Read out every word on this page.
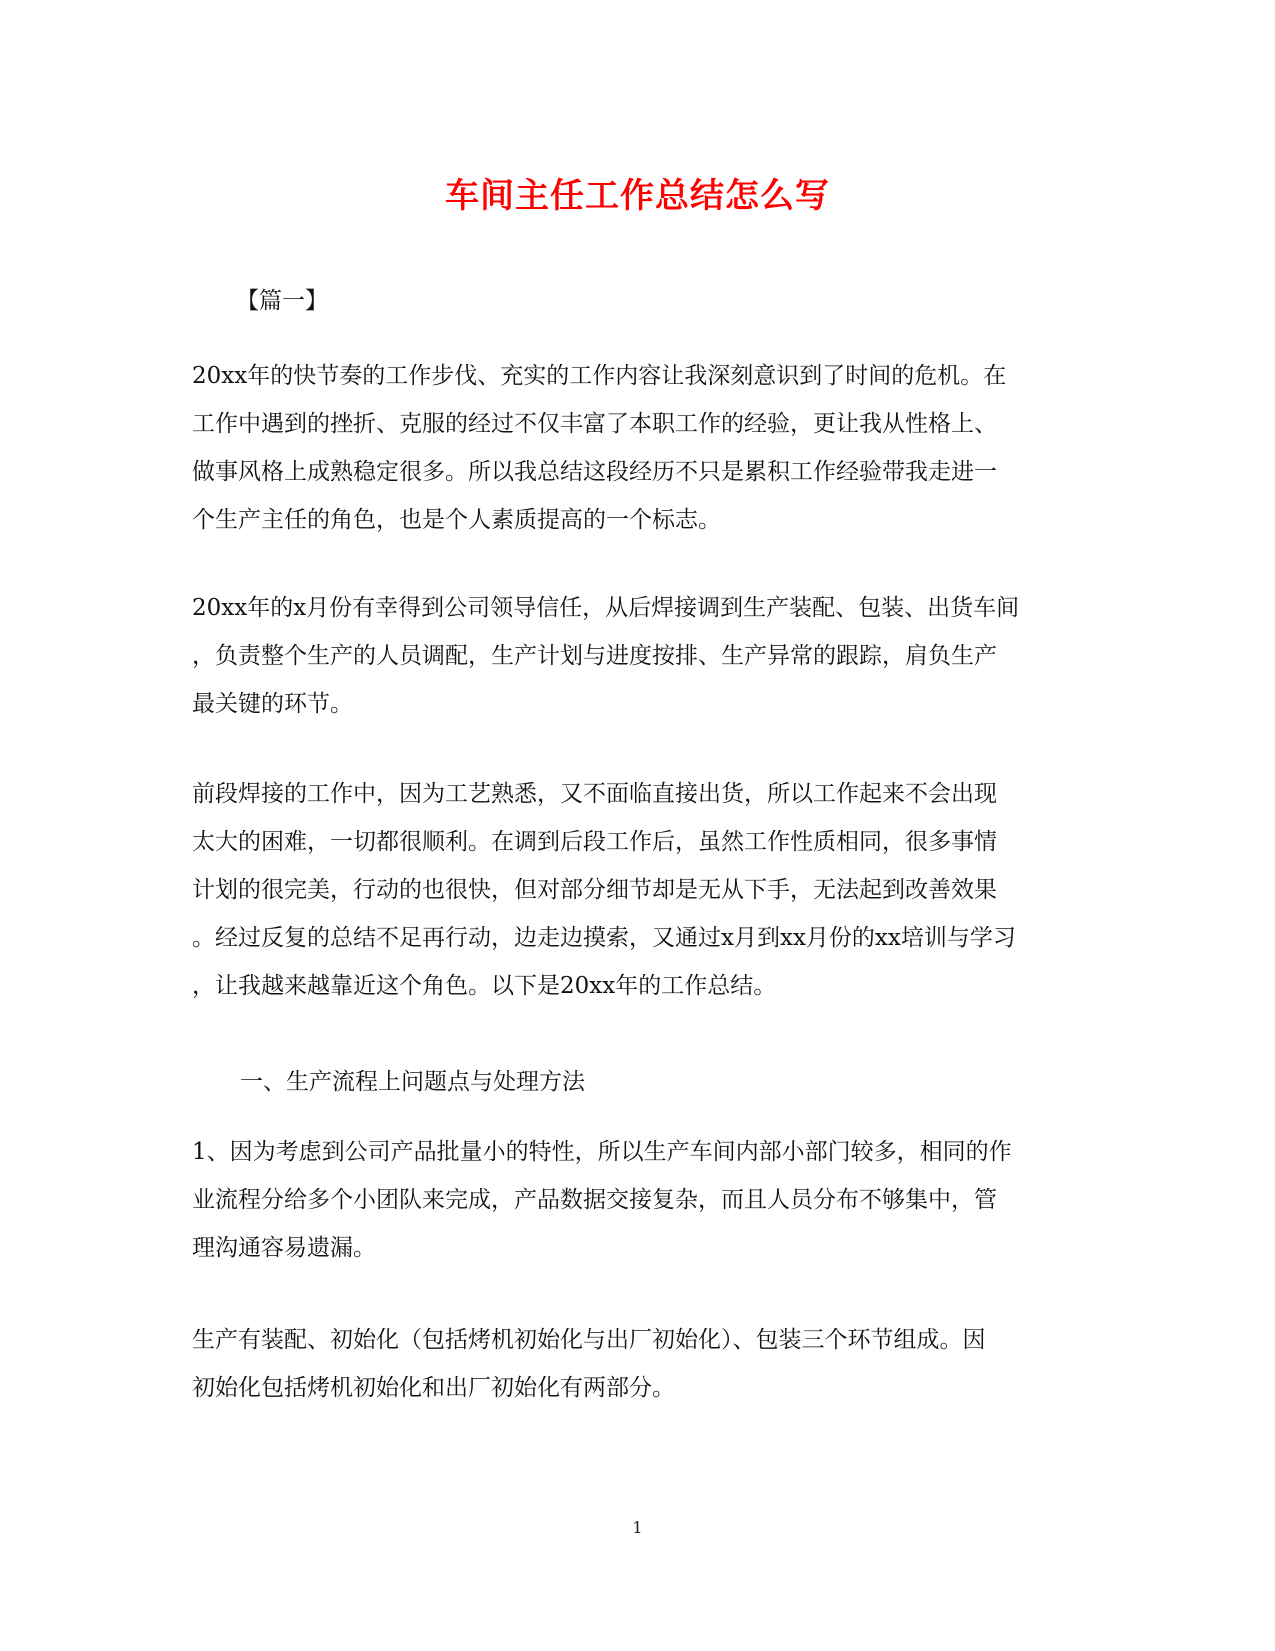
车间主任工作总结怎么写
【篇一】
20xx年的快节奏的工作步伐、充实的工作内容让我深刻意识到了时间的危机。在
工作中遇到的挫折、克服的经过不仅丰富了本职工作的经验，更让我从性格上、
做事风格上成熟稳定很多。所以我总结这段经历不只是累积工作经验带我走进一
个生产主任的角色，也是个人素质提高的一个标志。
20xx年的x月份有幸得到公司领导信任，从后焊接调到生产装配、包装、出货车间
，负责整个生产的人员调配，生产计划与进度按排、生产异常的跟踪，肩负生产
最关键的环节。
前段焊接的工作中，因为工艺熟悉，又不面临直接出货，所以工作起来不会出现
太大的困难，一切都很顺利。在调到后段工作后，虽然工作性质相同，很多事情
计划的很完美，行动的也很快，但对部分细节却是无从下手，无法起到改善效果
。经过反复的总结不足再行动，边走边摸索，又通过x月到xx月份的xx培训与学习
，让我越来越靠近这个角色。以下是20xx年的工作总结。
一、生产流程上问题点与处理方法
1、因为考虑到公司产品批量小的特性，所以生产车间内部小部门较多，相同的作
业流程分给多个小团队来完成，产品数据交接复杂，而且人员分布不够集中，管
理沟通容易遗漏。
生产有装配、初始化（包括烤机初始化与出厂初始化）、包装三个环节组成。因
初始化包括烤机初始化和出厂初始化有两部分。
1
